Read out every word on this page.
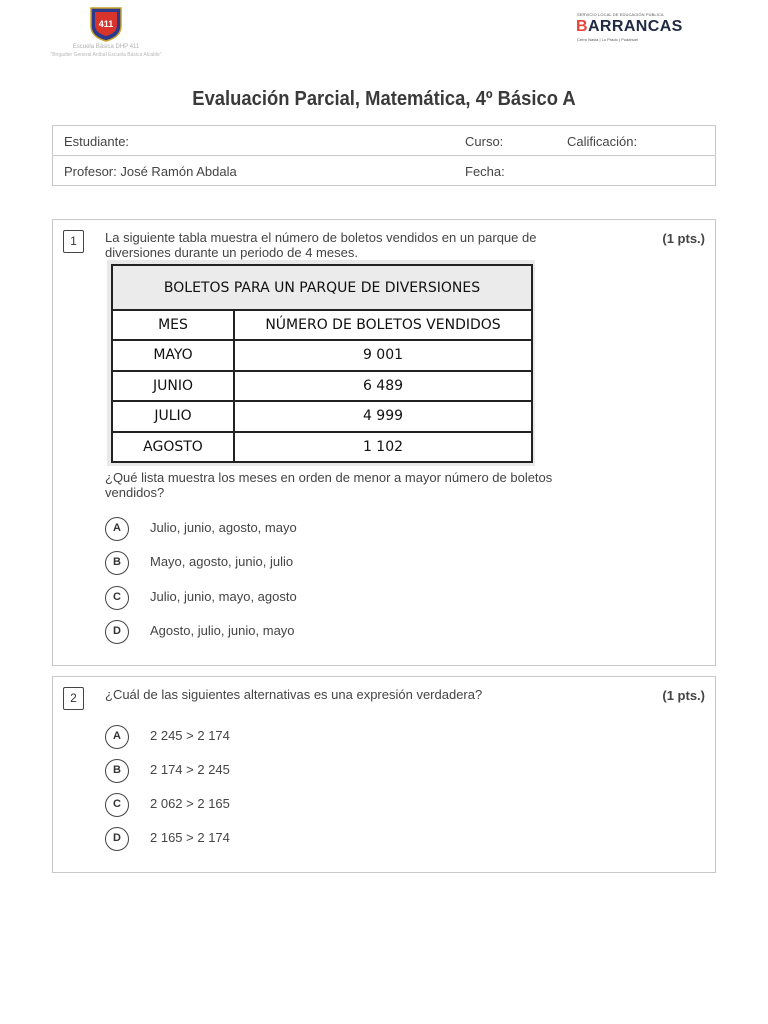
411
Escuela Básica DHP 411
"Brigadier General Aníbal Escuela Básica Alcalde"
SERVICIO LOCAL DE EDUCACIÓN PÚBLICA
BARRANCAS
Cerro Navia | Lo Prado | Pudahuel
Evaluación Parcial, Matemática, 4º Básico A
Estudiante:	Curso:	Calificación:
Profesor: José Ramón Abdala	Fecha:
1	(1 pts.)
La siguiente tabla muestra el número de boletos vendidos en un parque de diversiones durante un periodo de 4 meses.
BOLETOS PARA UN PARQUE DE DIVERSIONES	
MES	NÚMERO DE BOLETOS VENDIDOS
MAYO	9 001
JUNIO	6 489
JULIO	4 999
AGOSTO	1 102
¿Qué lista muestra los meses en orden de menor a mayor número de boletos vendidos?
A	Julio, junio, agosto, mayo
B	Mayo, agosto, junio, julio
C	Julio, junio, mayo, agosto
D	Agosto, julio, junio, mayo
2	(1 pts.)
¿Cuál de las siguientes alternativas es una expresión verdadera?
A	2 245 > 2 174
B	2 174 > 2 245
C	2 062 > 2 165
D	2 165 > 2 174
